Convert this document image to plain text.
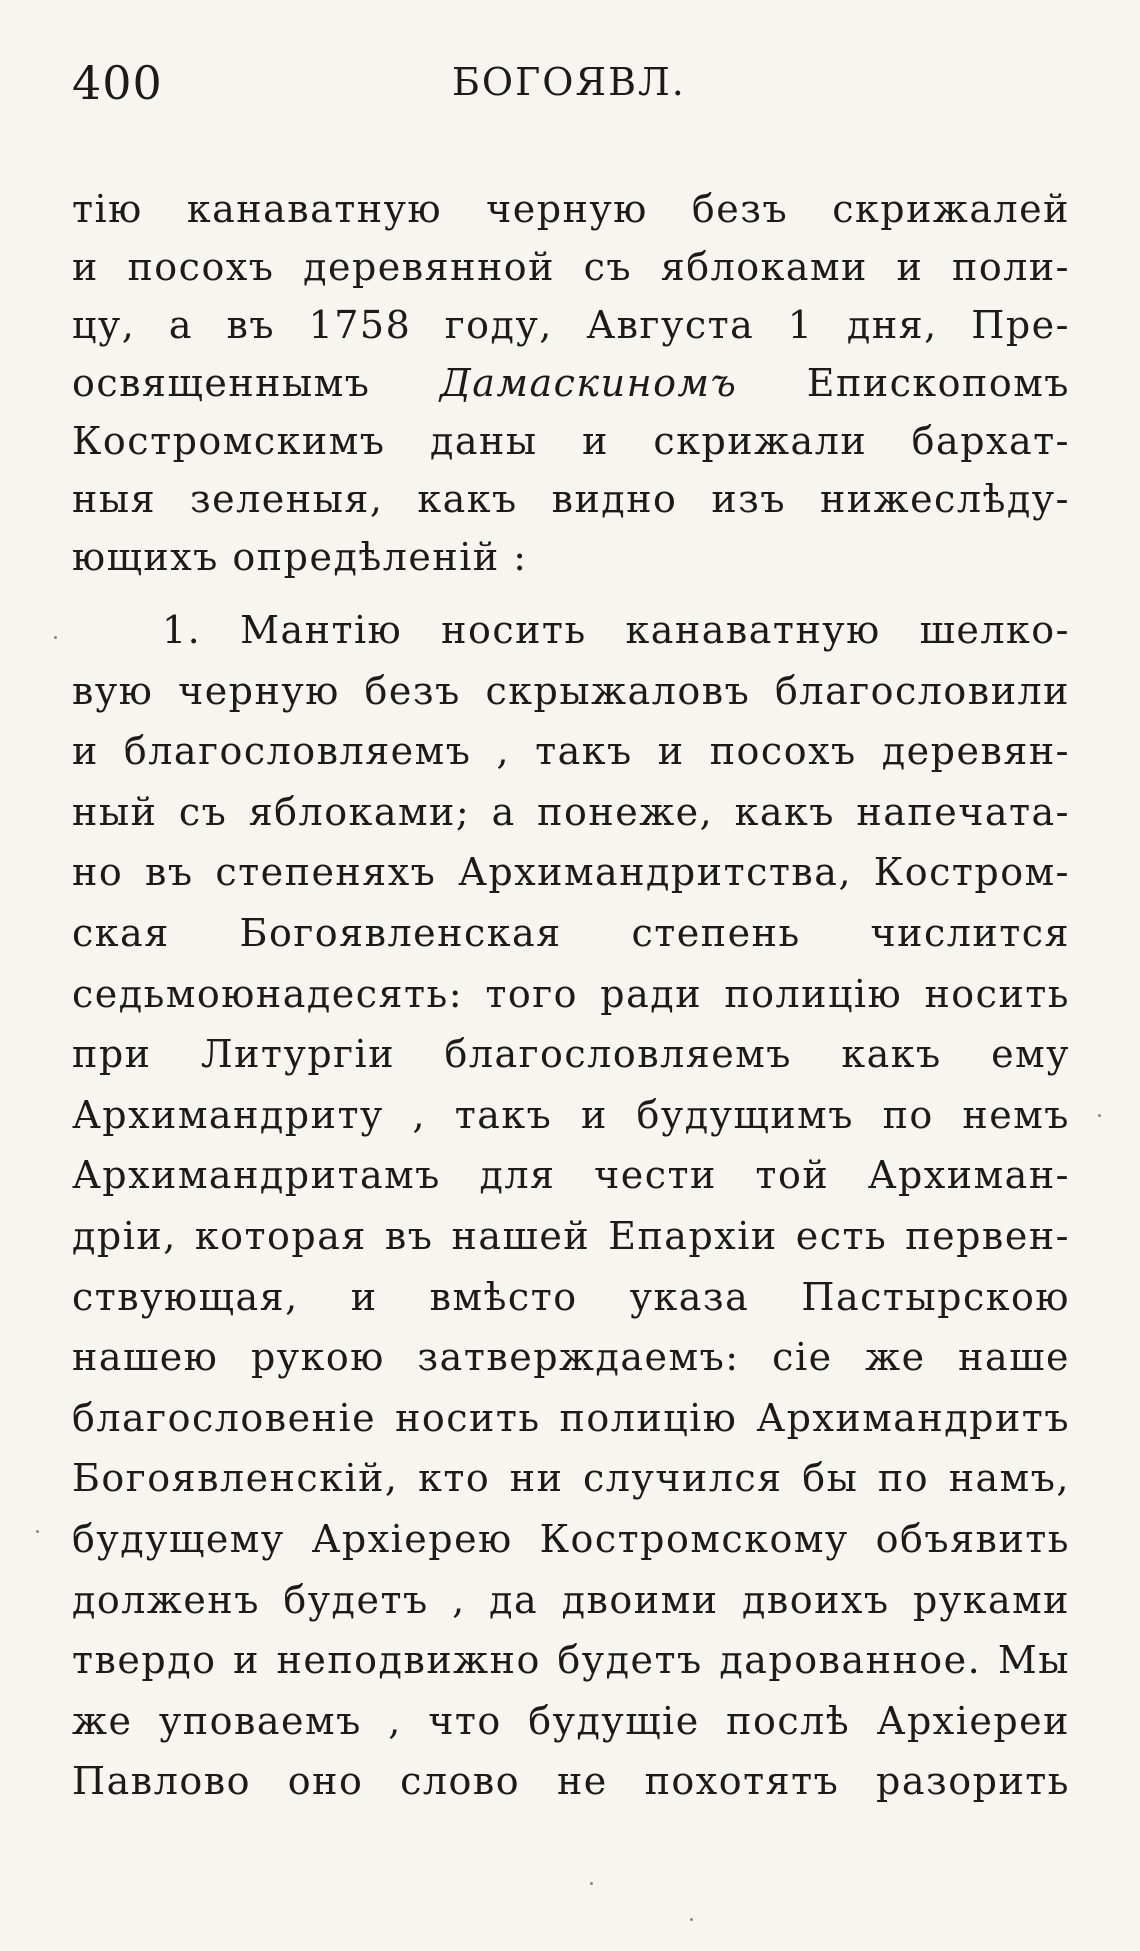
400	БОГОЯВЛ.
тію канаватную черную безъ скрижалей
и посохъ деревянной съ яблоками и поли-
цу, а въ 1758 году, Августа 1 дня, Пре-
освященнымъ Дамаскиномъ Епископомъ
Костромскимъ даны и скрижали бархат-
ныя зеленыя, какъ видно изъ нижеслѣду-
ющихъ опредѣленій :
1. Мантію носить канаватную шелко-
вую черную безъ скрыжаловъ благословили
и благословляемъ , такъ и посохъ деревян-
ный съ яблоками; а понеже, какъ напечата-
но въ степеняхъ Архимандритства, Костром-
ская Богоявленская степень числится
седьмоюнадесять: того ради полицію носить
при Литургіи благословляемъ какъ ему
Архимандриту , такъ и будущимъ по немъ
Архимандритамъ для чести той Архиман-
дріи, которая въ нашей Епархіи есть первен-
ствующая, и вмѣсто указа Пастырскою
нашею рукою затверждаемъ: сіе же наше
благословеніе носить полицію Архимандритъ
Богоявленскій, кто ни случился бы по намъ,
будущему Архіерею Костромскому объявить
долженъ будетъ , да двоими двоихъ руками
твердо и неподвижно будетъ дарованное. Мы
же уповаемъ , что будущіе послѣ Архіереи
Павлово оно слово не похотятъ разорить
